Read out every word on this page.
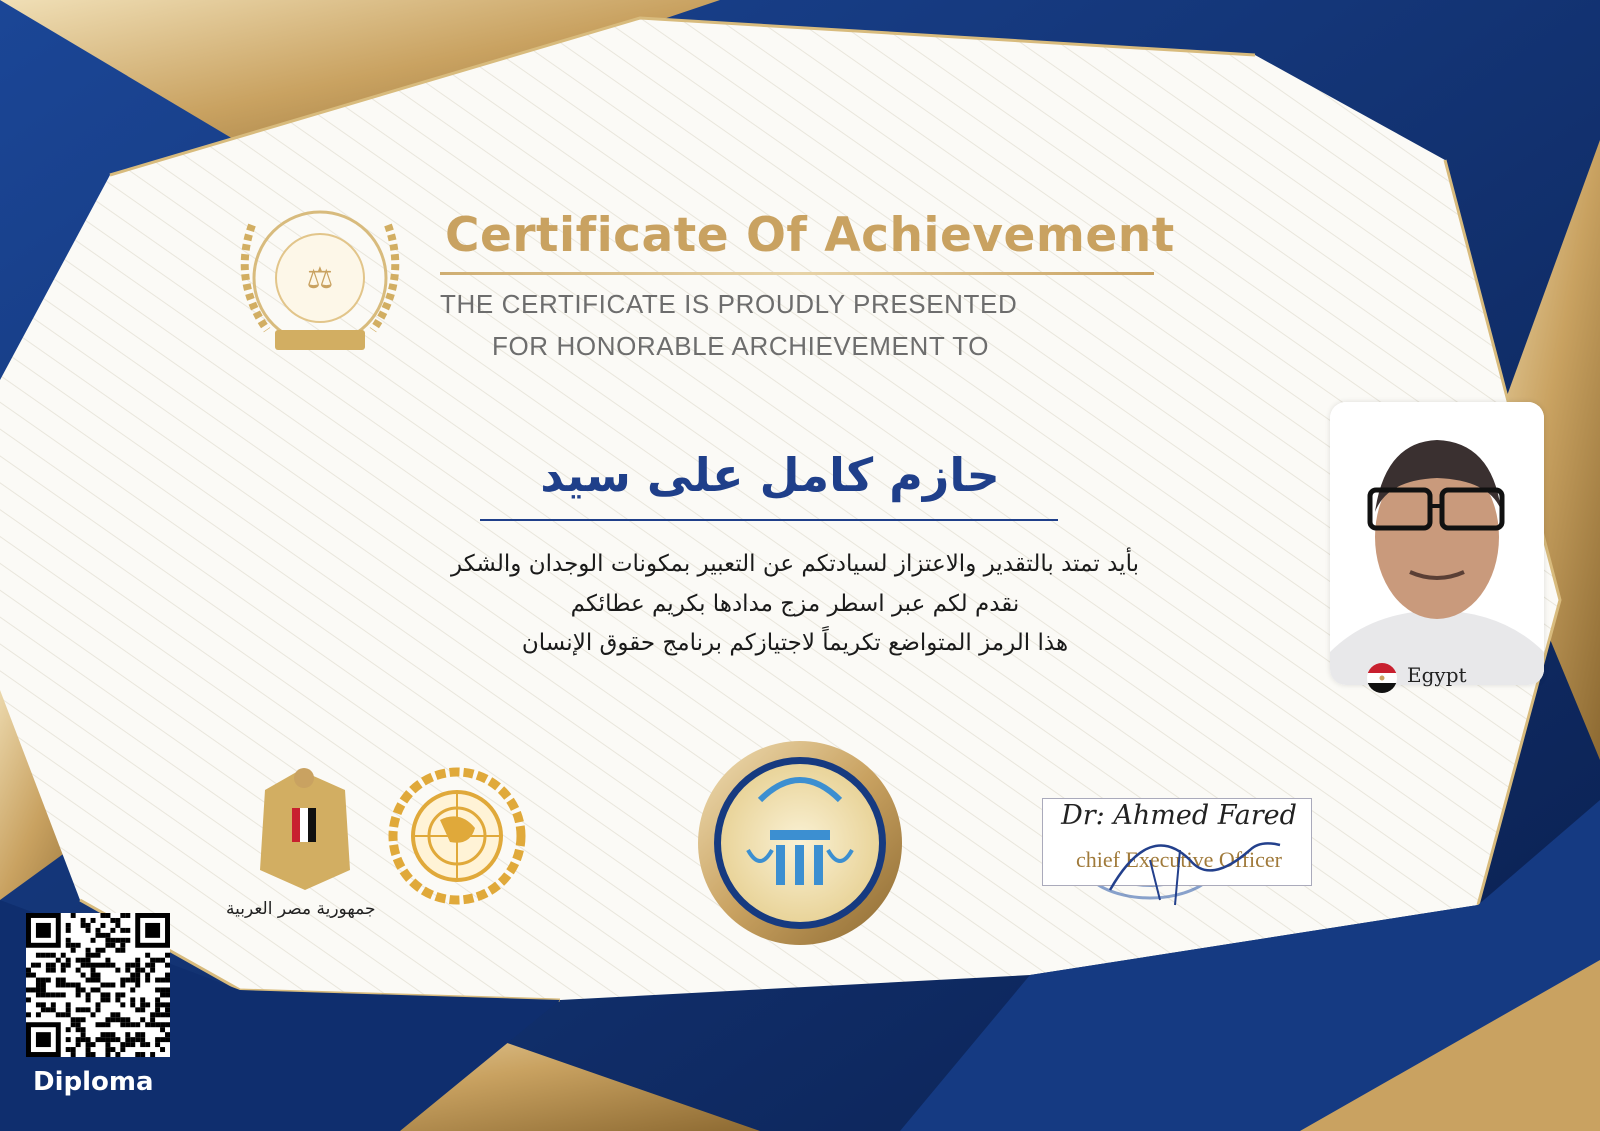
⚖
Certificate Of Achievement
THE CERTIFICATE IS PROUDLY PRESENTED
FOR HONORABLE ARCHIEVEMENT TO
حازم كامل على سيد
بأيد تمتد بالتقدير والاعتزاز لسيادتكم عن التعبير بمكونات الوجدان والشكر
نقدم لكم عبر اسطر مزج مدادها بكريم عطائكم
هذا الرمز المتواضع تكريماً لاجتيازكم برنامج حقوق الإنسان
Egypt
Dr: Ahmed Fared
chief Executive Officer
جمهورية مصر العربية
Diploma
